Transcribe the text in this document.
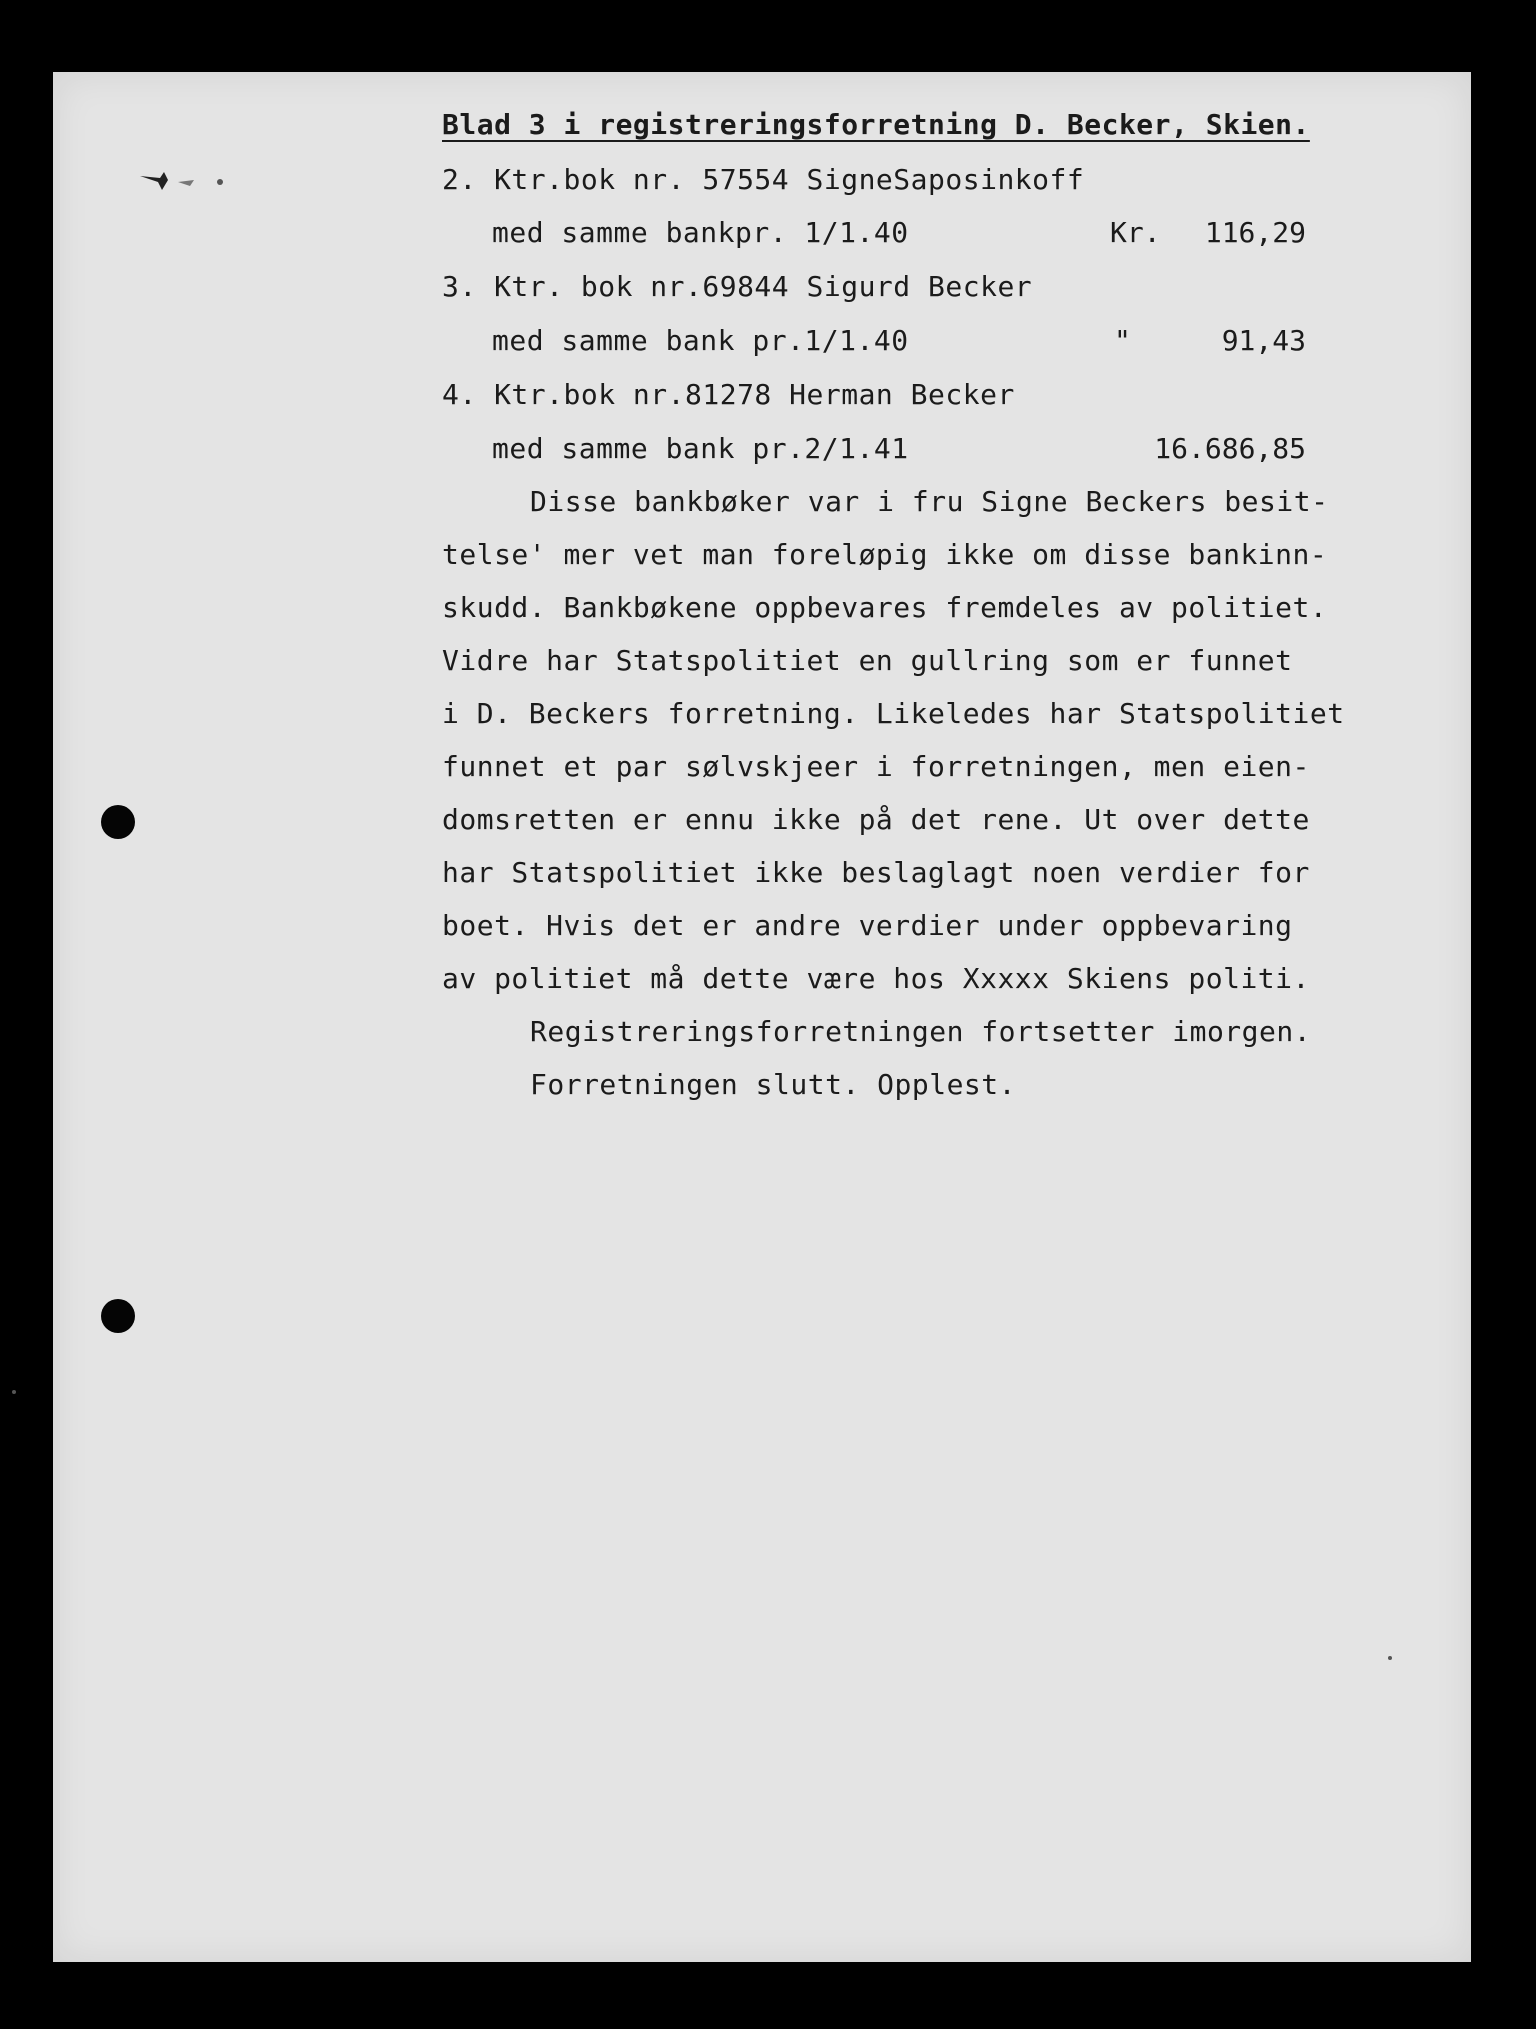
Blad 3 i registreringsforretning D. Becker, Skien.

2. Ktr.bok nr. 57554 SigneSaposinkoff

med samme bankpr. 1/1.40	Kr.	116,29

3. Ktr. bok nr.69844 Sigurd Becker

med samme bank pr.1/1.40	"	91,43

4. Ktr.bok nr.81278 Herman Becker

med samme bank pr.2/1.41	16.686,85

Disse bankbøker var i fru Signe Beckers besit-

telse' mer vet man foreløpig ikke om disse bankinn-

skudd. Bankbøkene oppbevares fremdeles av politiet.

Vidre har Statspolitiet en gullring som er funnet

i D. Beckers forretning. Likeledes har Statspolitiet

funnet et par sølvskjeer i forretningen, men eien-

domsretten er ennu ikke på det rene. Ut over dette

har Statspolitiet ikke beslaglagt noen verdier for

boet. Hvis det er andre verdier under oppbevaring

av politiet må dette være hos Xxxxx Skiens politi.

Registreringsforretningen fortsetter imorgen.

Forretningen slutt. Opplest.
